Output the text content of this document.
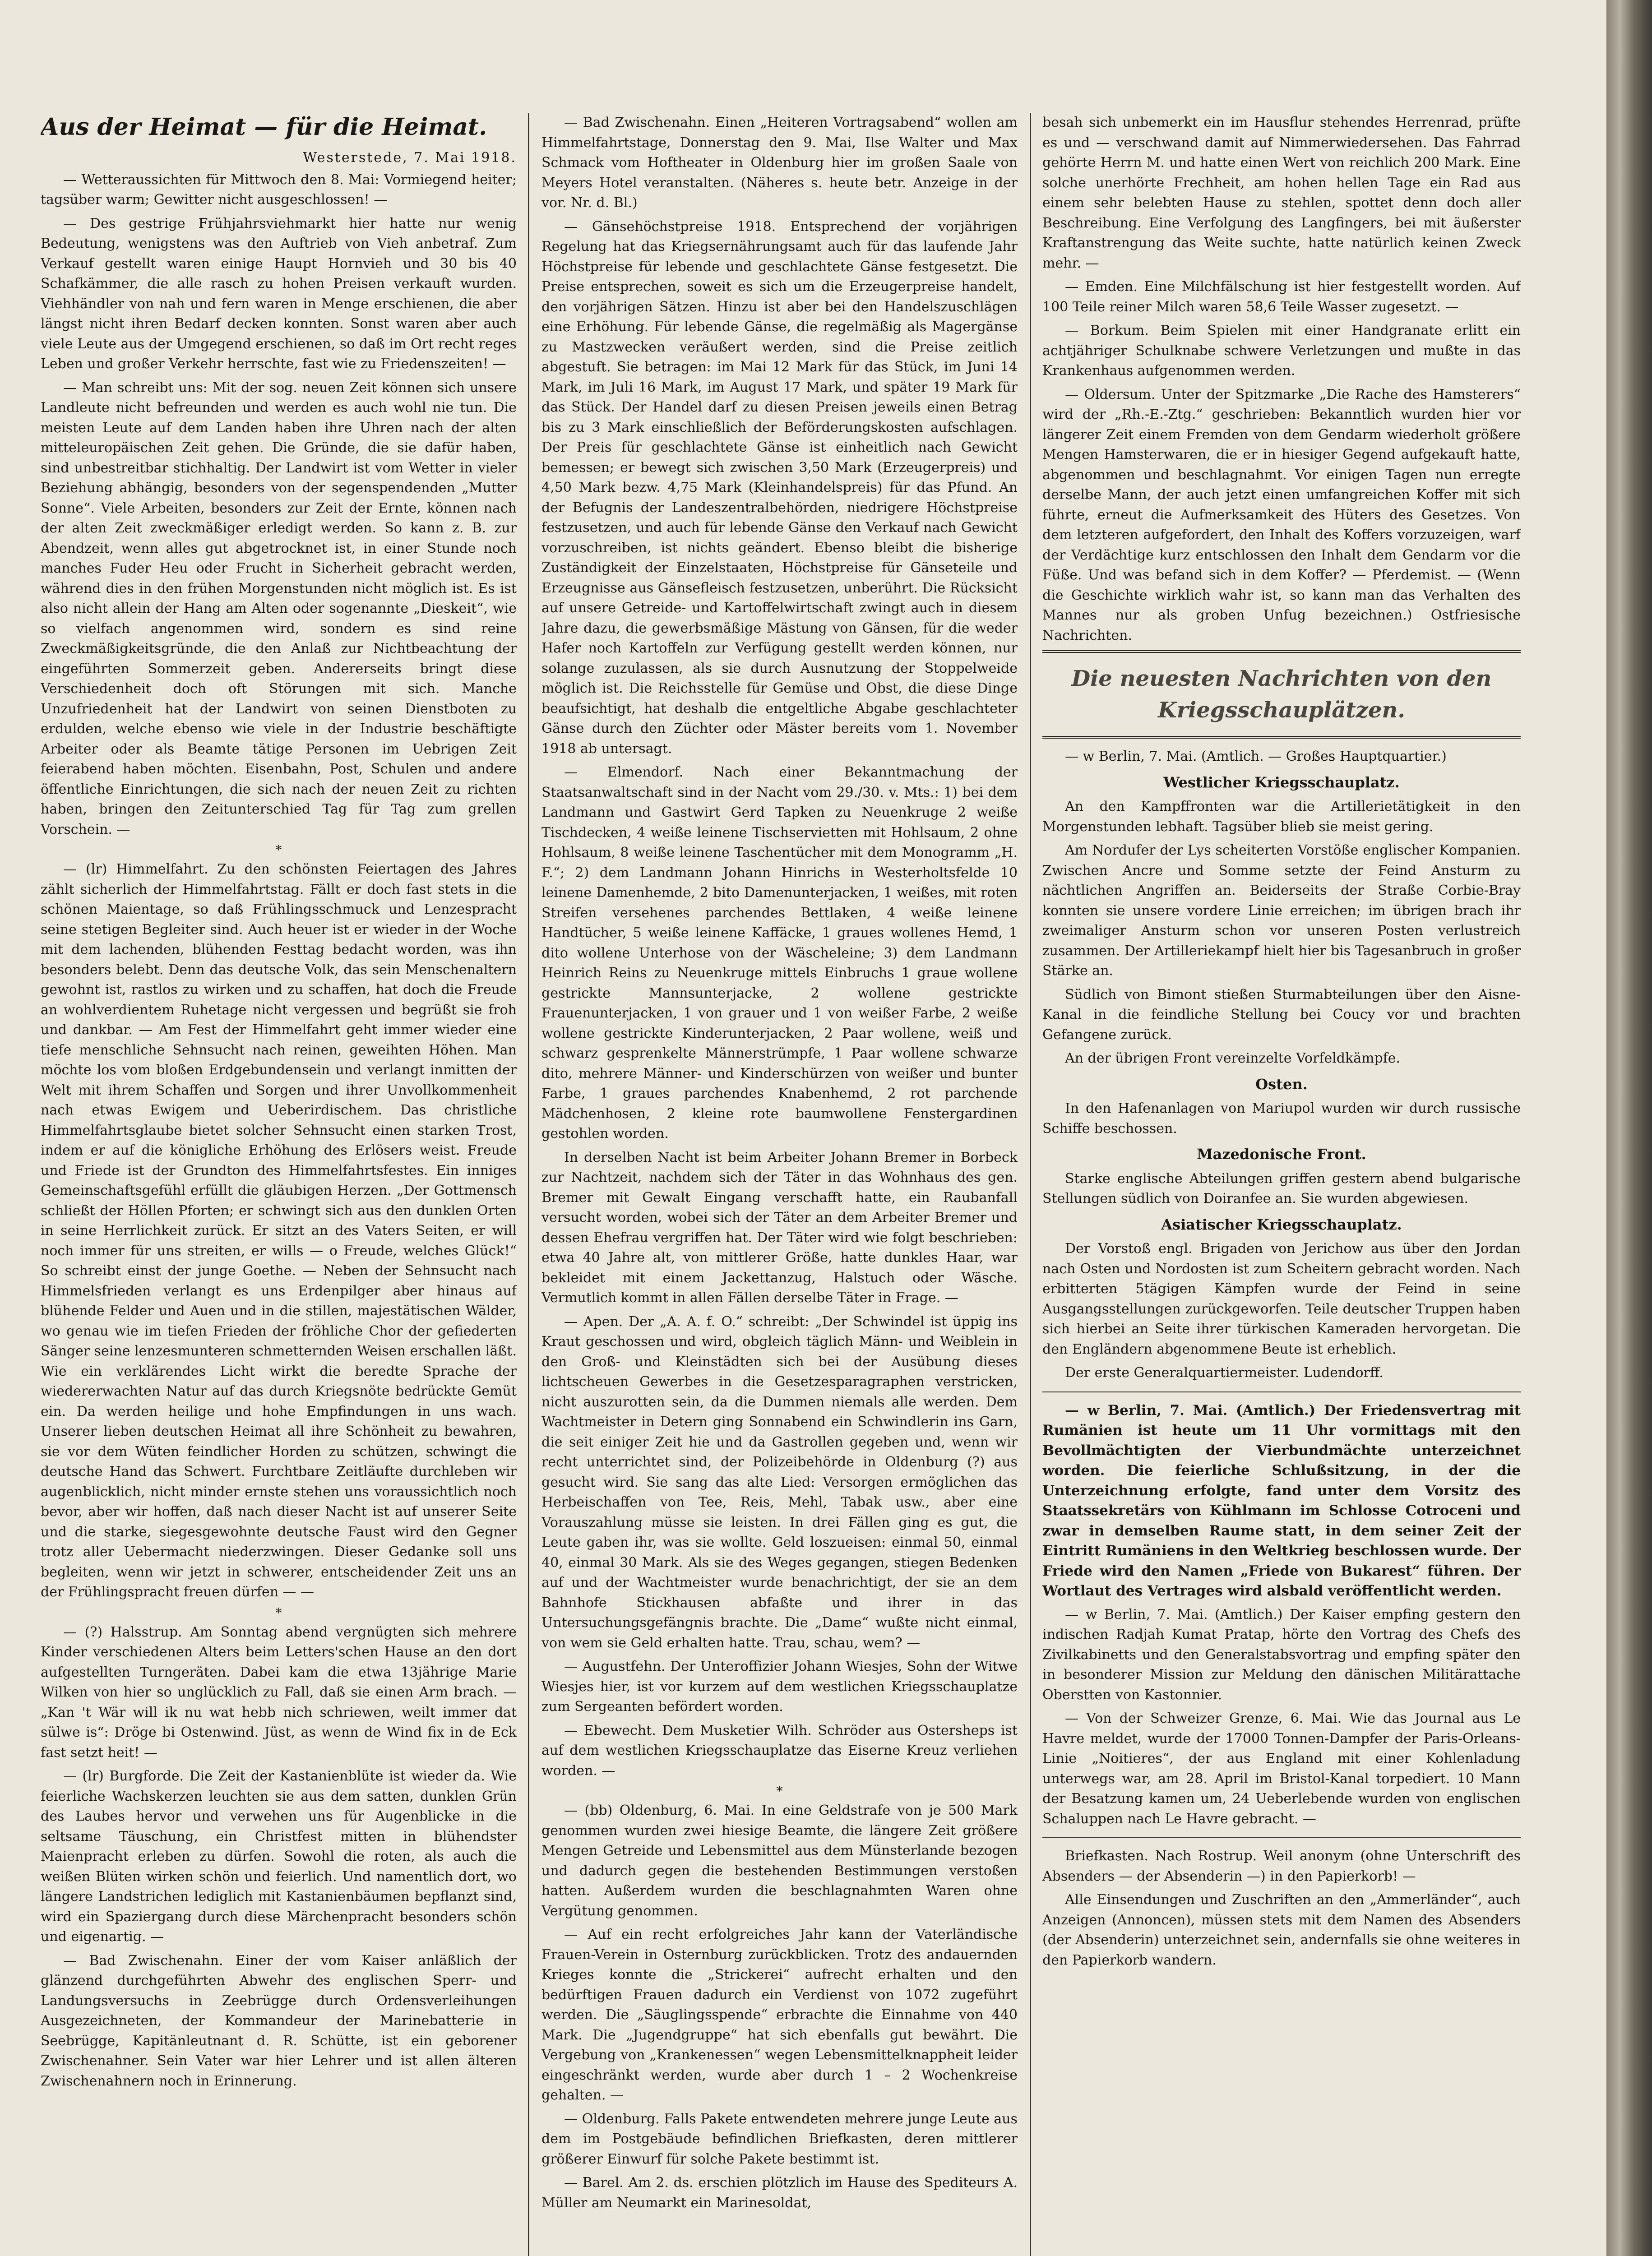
Aus der Heimat — für die Heimat.
Westerstede, 7. Mai 1918.

— Wetteraussichten für Mittwoch den 8. Mai: Vormiegend heiter; tagsüber warm; Gewitter nicht ausgeschlossen! —

— Des gestrige Frühjahrsviehmarkt hier hatte nur wenig Bedeutung, wenigstens was den Auftrieb von Vieh anbetraf. Zum Verkauf gestellt waren einige Haupt Hornvieh und 30 bis 40 Schafkämmer, die alle rasch zu hohen Preisen verkauft wurden. Viehhändler von nah und fern waren in Menge erschienen, die aber längst nicht ihren Bedarf decken konnten. Sonst waren aber auch viele Leute aus der Umgegend erschienen, so daß im Ort recht reges Leben und großer Verkehr herrschte, fast wie zu Friedenszeiten! —

— Man schreibt uns: Mit der sog. neuen Zeit können sich unsere Landleute nicht befreunden und werden es auch wohl nie tun. Die meisten Leute auf dem Landen haben ihre Uhren nach der alten mitteleuropäischen Zeit gehen. Die Gründe, die sie dafür haben, sind unbestreitbar stichhaltig. Der Landwirt ist vom Wetter in vieler Beziehung abhängig, besonders von der segenspendenden „Mutter Sonne“. Viele Arbeiten, besonders zur Zeit der Ernte, können nach der alten Zeit zweckmäßiger erledigt werden. So kann z. B. zur Abendzeit, wenn alles gut abgetrocknet ist, in einer Stunde noch manches Fuder Heu oder Frucht in Sicherheit gebracht werden, während dies in den frühen Morgenstunden nicht möglich ist. Es ist also nicht allein der Hang am Alten oder sogenannte „Dieskeit“, wie so vielfach angenommen wird, sondern es sind reine Zweckmäßigkeitsgründe, die den Anlaß zur Nichtbeachtung der eingeführten Sommerzeit geben. Andererseits bringt diese Verschiedenheit doch oft Störungen mit sich. Manche Unzufriedenheit hat der Landwirt von seinen Dienstboten zu erdulden, welche ebenso wie viele in der Industrie beschäftigte Arbeiter oder als Beamte tätige Personen im Uebrigen Zeit feierabend haben möchten. Eisenbahn, Post, Schulen und andere öffentliche Einrichtungen, die sich nach der neuen Zeit zu richten haben, bringen den Zeitunterschied Tag für Tag zum grellen Vorschein. —

*

— (lr) Himmelfahrt. Zu den schönsten Feiertagen des Jahres zählt sicherlich der Himmelfahrtstag. Fällt er doch fast stets in die schönen Maientage, so daß Frühlingsschmuck und Lenzespracht seine stetigen Begleiter sind. Auch heuer ist er wieder in der Woche mit dem lachenden, blühenden Festtag bedacht worden, was ihn besonders belebt. Denn das deutsche Volk, das sein Menschenaltern gewohnt ist, rastlos zu wirken und zu schaffen, hat doch die Freude an wohlverdientem Ruhetage nicht vergessen und begrüßt sie froh und dankbar. — Am Fest der Himmelfahrt geht immer wieder eine tiefe menschliche Sehnsucht nach reinen, geweihten Höhen. Man möchte los vom bloßen Erdgebundensein und verlangt inmitten der Welt mit ihrem Schaffen und Sorgen und ihrer Unvollkommenheit nach etwas Ewigem und Ueberirdischem. Das christliche Himmelfahrtsglaube bietet solcher Sehnsucht einen starken Trost, indem er auf die königliche Erhöhung des Erlösers weist. Freude und Friede ist der Grundton des Himmelfahrtsfestes. Ein inniges Gemeinschaftsgefühl erfüllt die gläubigen Herzen. „Der Gottmensch schließt der Höllen Pforten; er schwingt sich aus den dunklen Orten in seine Herrlichkeit zurück. Er sitzt an des Vaters Seiten, er will noch immer für uns streiten, er wills — o Freude, welches Glück!“ So schreibt einst der junge Goethe. — Neben der Sehnsucht nach Himmelsfrieden verlangt es uns Erdenpilger aber hinaus auf blühende Felder und Auen und in die stillen, majestätischen Wälder, wo genau wie im tiefen Frieden der fröhliche Chor der gefiederten Sänger seine lenzesmunteren schmetternden Weisen erschallen läßt. Wie ein verklärendes Licht wirkt die beredte Sprache der wiedererwachten Natur auf das durch Kriegsnöte bedrückte Gemüt ein. Da werden heilige und hohe Empfindungen in uns wach. Unserer lieben deutschen Heimat all ihre Schönheit zu bewahren, sie vor dem Wüten feindlicher Horden zu schützen, schwingt die deutsche Hand das Schwert. Furchtbare Zeitläufte durchleben wir augenblicklich, nicht minder ernste stehen uns voraussichtlich noch bevor, aber wir hoffen, daß nach dieser Nacht ist auf unserer Seite und die starke, siegesgewohnte deutsche Faust wird den Gegner trotz aller Uebermacht niederzwingen. Dieser Gedanke soll uns begleiten, wenn wir jetzt in schwerer, entscheidender Zeit uns an der Frühlingspracht freuen dürfen — —

*

— (?) Halsstrup. Am Sonntag abend vergnügten sich mehrere Kinder verschiedenen Alters beim Letters'schen Hause an den dort aufgestellten Turngeräten. Dabei kam die etwa 13jährige Marie Wilken von hier so unglücklich zu Fall, daß sie einen Arm brach. — „Kan 't Wär will ik nu wat hebb nich schriewen, weilt immer dat sülwe is“: Dröge bi Ostenwind. Jüst, as wenn de Wind fix in de Eck fast setzt heit! —

— (lr) Burgforde. Die Zeit der Kastanienblüte ist wieder da. Wie feierliche Wachskerzen leuchten sie aus dem satten, dunklen Grün des Laubes hervor und verwehen uns für Augenblicke in die seltsame Täuschung, ein Christfest mitten in blühendster Maienpracht erleben zu dürfen. Sowohl die roten, als auch die weißen Blüten wirken schön und feierlich. Und namentlich dort, wo längere Landstrichen lediglich mit Kastanienbäumen bepflanzt sind, wird ein Spaziergang durch diese Märchenpracht besonders schön und eigenartig. —

— Bad Zwischenahn. Einer der vom Kaiser anläßlich der glänzend durchgeführten Abwehr des englischen Sperr- und Landungsversuchs in Zeebrügge durch Ordensverleihungen Ausgezeichneten, der Kommandeur der Marinebatterie in Seebrügge, Kapitänleutnant d. R. Schütte, ist ein geborener Zwischenahner. Sein Vater war hier Lehrer und ist allen älteren Zwischenahnern noch in Erinnerung.

— Bad Zwischenahn. Einen „Heiteren Vortragsabend“ wollen am Himmelfahrtstage, Donnerstag den 9. Mai, Ilse Walter und Max Schmack vom Hoftheater in Oldenburg hier im großen Saale von Meyers Hotel veranstalten. (Näheres s. heute betr. Anzeige in der vor. Nr. d. Bl.)

— Gänsehöchstpreise 1918. Entsprechend der vorjährigen Regelung hat das Kriegsernährungsamt auch für das laufende Jahr Höchstpreise für lebende und geschlachtete Gänse festgesetzt. Die Preise entsprechen, soweit es sich um die Erzeugerpreise handelt, den vorjährigen Sätzen. Hinzu ist aber bei den Handelszuschlägen eine Erhöhung. Für lebende Gänse, die regelmäßig als Magergänse zu Mastzwecken veräußert werden, sind die Preise zeitlich abgestuft. Sie betragen: im Mai 12 Mark für das Stück, im Juni 14 Mark, im Juli 16 Mark, im August 17 Mark, und später 19 Mark für das Stück. Der Handel darf zu diesen Preisen jeweils einen Betrag bis zu 3 Mark einschließlich der Beförderungskosten aufschlagen. Der Preis für geschlachtete Gänse ist einheitlich nach Gewicht bemessen; er bewegt sich zwischen 3,50 Mark (Erzeugerpreis) und 4,50 Mark bezw. 4,75 Mark (Kleinhandelspreis) für das Pfund. An der Befugnis der Landeszentralbehörden, niedrigere Höchstpreise festzusetzen, und auch für lebende Gänse den Verkauf nach Gewicht vorzuschreiben, ist nichts geändert. Ebenso bleibt die bisherige Zuständigkeit der Einzelstaaten, Höchstpreise für Gänseteile und Erzeugnisse aus Gänsefleisch festzusetzen, unberührt. Die Rücksicht auf unsere Getreide- und Kartoffelwirtschaft zwingt auch in diesem Jahre dazu, die gewerbsmäßige Mästung von Gänsen, für die weder Hafer noch Kartoffeln zur Verfügung gestellt werden können, nur solange zuzulassen, als sie durch Ausnutzung der Stoppelweide möglich ist. Die Reichsstelle für Gemüse und Obst, die diese Dinge beaufsichtigt, hat deshalb die entgeltliche Abgabe geschlachteter Gänse durch den Züchter oder Mäster bereits vom 1. November 1918 ab untersagt.

— Elmendorf. Nach einer Bekanntmachung der Staatsanwaltschaft sind in der Nacht vom 29./30. v. Mts.: 1) bei dem Landmann und Gastwirt Gerd Tapken zu Neuenkruge 2 weiße Tischdecken, 4 weiße leinene Tischservietten mit Hohlsaum, 2 ohne Hohlsaum, 8 weiße leinene Taschentücher mit dem Monogramm „H. F.“; 2) dem Landmann Johann Hinrichs in Westerholtsfelde 10 leinene Damenhemde, 2 bito Damenunterjacken, 1 weißes, mit roten Streifen versehenes parchendes Bettlaken, 4 weiße leinene Handtücher, 5 weiße leinene Kaffäcke, 1 graues wollenes Hemd, 1 dito wollene Unterhose von der Wäscheleine; 3) dem Landmann Heinrich Reins zu Neuenkruge mittels Einbruchs 1 graue wollene gestrickte Mannsunterjacke, 2 wollene gestrickte Frauenunterjacken, 1 von grauer und 1 von weißer Farbe, 2 weiße wollene gestrickte Kinderunterjacken, 2 Paar wollene, weiß und schwarz gesprenkelte Männerstrümpfe, 1 Paar wollene schwarze dito, mehrere Männer- und Kinderschürzen von weißer und bunter Farbe, 1 graues parchendes Knabenhemd, 2 rot parchende Mädchenhosen, 2 kleine rote baumwollene Fenstergardinen gestohlen worden.

In derselben Nacht ist beim Arbeiter Johann Bremer in Borbeck zur Nachtzeit, nachdem sich der Täter in das Wohnhaus des gen. Bremer mit Gewalt Eingang verschafft hatte, ein Raubanfall versucht worden, wobei sich der Täter an dem Arbeiter Bremer und dessen Ehefrau vergriffen hat. Der Täter wird wie folgt beschrieben: etwa 40 Jahre alt, von mittlerer Größe, hatte dunkles Haar, war bekleidet mit einem Jackettanzug, Halstuch oder Wäsche. Vermutlich kommt in allen Fällen derselbe Täter in Frage. —

— Apen. Der „A. A. f. O.“ schreibt: „Der Schwindel ist üppig ins Kraut geschossen und wird, obgleich täglich Männ- und Weiblein in den Groß- und Kleinstädten sich bei der Ausübung dieses lichtscheuen Gewerbes in die Gesetzesparagraphen verstricken, nicht auszurotten sein, da die Dummen niemals alle werden. Dem Wachtmeister in Detern ging Sonnabend ein Schwindlerin ins Garn, die seit einiger Zeit hie und da Gastrollen gegeben und, wenn wir recht unterrichtet sind, der Polizeibehörde in Oldenburg (?) aus gesucht wird. Sie sang das alte Lied: Versorgen ermöglichen das Herbeischaffen von Tee, Reis, Mehl, Tabak usw., aber eine Vorauszahlung müsse sie leisten. In drei Fällen ging es gut, die Leute gaben ihr, was sie wollte. Geld loszueisen: einmal 50, einmal 40, einmal 30 Mark. Als sie des Weges gegangen, stiegen Bedenken auf und der Wachtmeister wurde benachrichtigt, der sie an dem Bahnhofe Stickhausen abfaßte und ihrer in das Untersuchungsgefängnis brachte. Die „Dame“ wußte nicht einmal, von wem sie Geld erhalten hatte. Trau, schau, wem? —

— Augustfehn. Der Unteroffizier Johann Wiesjes, Sohn der Witwe Wiesjes hier, ist vor kurzem auf dem westlichen Kriegsschauplatze zum Sergeanten befördert worden.

— Ebewecht. Dem Musketier Wilh. Schröder aus Ostersheps ist auf dem westlichen Kriegsschauplatze das Eiserne Kreuz verliehen worden. —

*

— (bb) Oldenburg, 6. Mai. In eine Geldstrafe von je 500 Mark genommen wurden zwei hiesige Beamte, die längere Zeit größere Mengen Getreide und Lebensmittel aus dem Münsterlande bezogen und dadurch gegen die bestehenden Bestimmungen verstoßen hatten. Außerdem wurden die beschlagnahmten Waren ohne Vergütung genommen.

— Auf ein recht erfolgreiches Jahr kann der Vaterländische Frauen-Verein in Osternburg zurückblicken. Trotz des andauernden Krieges konnte die „Strickerei“ aufrecht erhalten und den bedürftigen Frauen dadurch ein Verdienst von 1072 zugeführt werden. Die „Säuglingsspende“ erbrachte die Einnahme von 440 Mark. Die „Jugendgruppe“ hat sich ebenfalls gut bewährt. Die Vergebung von „Krankenessen“ wegen Lebensmittelknappheit leider eingeschränkt werden, wurde aber durch 1 – 2 Wochenkreise gehalten. —

— Oldenburg. Falls Pakete entwendeten mehrere junge Leute aus dem im Postgebäude befindlichen Briefkasten, deren mittlerer größerer Einwurf für solche Pakete bestimmt ist.

— Barel. Am 2. ds. erschien plötzlich im Hause des Spediteurs A. Müller am Neumarkt ein Marinesoldat,

besah sich unbemerkt ein im Hausflur stehendes Herrenrad, prüfte es und — verschwand damit auf Nimmerwiedersehen. Das Fahrrad gehörte Herrn M. und hatte einen Wert von reichlich 200 Mark. Eine solche unerhörte Frechheit, am hohen hellen Tage ein Rad aus einem sehr belebten Hause zu stehlen, spottet denn doch aller Beschreibung. Eine Verfolgung des Langfingers, bei mit äußerster Kraftanstrengung das Weite suchte, hatte natürlich keinen Zweck mehr. —

— Emden. Eine Milchfälschung ist hier festgestellt worden. Auf 100 Teile reiner Milch waren 58,6 Teile Wasser zugesetzt. —

— Borkum. Beim Spielen mit einer Handgranate erlitt ein achtjähriger Schulknabe schwere Verletzungen und mußte in das Krankenhaus aufgenommen werden.

— Oldersum. Unter der Spitzmarke „Die Rache des Hamsterers“ wird der „Rh.-E.-Ztg.“ geschrieben: Bekanntlich wurden hier vor längerer Zeit einem Fremden von dem Gendarm wiederholt größere Mengen Hamsterwaren, die er in hiesiger Gegend aufgekauft hatte, abgenommen und beschlagnahmt. Vor einigen Tagen nun erregte derselbe Mann, der auch jetzt einen umfangreichen Koffer mit sich führte, erneut die Aufmerksamkeit des Hüters des Gesetzes. Von dem letzteren aufgefordert, den Inhalt des Koffers vorzuzeigen, warf der Verdächtige kurz entschlossen den Inhalt dem Gendarm vor die Füße. Und was befand sich in dem Koffer? — Pferdemist. — (Wenn die Geschichte wirklich wahr ist, so kann man das Verhalten des Mannes nur als groben Unfug bezeichnen.) Ostfriesische Nachrichten.

Die neuesten Nachrichten von den Kriegsschauplätzen.

— w Berlin, 7. Mai. (Amtlich. — Großes Hauptquartier.)

Westlicher Kriegsschauplatz.

An den Kampffronten war die Artillerietätigkeit in den Morgenstunden lebhaft. Tagsüber blieb sie meist gering.

Am Nordufer der Lys scheiterten Vorstöße englischer Kompanien. Zwischen Ancre und Somme setzte der Feind Ansturm zu nächtlichen Angriffen an. Beiderseits der Straße Corbie-Bray konnten sie unsere vordere Linie erreichen; im übrigen brach ihr zweimaliger Ansturm schon vor unseren Posten verlustreich zusammen. Der Artilleriekampf hielt hier bis Tagesanbruch in großer Stärke an.

Südlich von Bimont stießen Sturmabteilungen über den Aisne-Kanal in die feindliche Stellung bei Coucy vor und brachten Gefangene zurück.

An der übrigen Front vereinzelte Vorfeldkämpfe.

Osten.

In den Hafenanlagen von Mariupol wurden wir durch russische Schiffe beschossen.

Mazedonische Front.

Starke englische Abteilungen griffen gestern abend bulgarische Stellungen südlich von Doiranfee an. Sie wurden abgewiesen.

Asiatischer Kriegsschauplatz.

Der Vorstoß engl. Brigaden von Jerichow aus über den Jordan nach Osten und Nordosten ist zum Scheitern gebracht worden. Nach erbitterten 5tägigen Kämpfen wurde der Feind in seine Ausgangsstellungen zurückgeworfen. Teile deutscher Truppen haben sich hierbei an Seite ihrer türkischen Kameraden hervorgetan. Die den Engländern abgenommene Beute ist erheblich.

Der erste Generalquartiermeister. Ludendorff.

— w Berlin, 7. Mai. (Amtlich.) Der Friedensvertrag mit Rumänien ist heute um 11 Uhr vormittags mit den Bevollmächtigten der Vierbundmächte unterzeichnet worden. Die feierliche Schlußsitzung, in der die Unterzeichnung erfolgte, fand unter dem Vorsitz des Staatssekretärs von Kühlmann im Schlosse Cotroceni und zwar in demselben Raume statt, in dem seiner Zeit der Eintritt Rumäniens in den Weltkrieg beschlossen wurde. Der Friede wird den Namen „Friede von Bukarest“ führen. Der Wortlaut des Vertrages wird alsbald veröffentlicht werden.

— w Berlin, 7. Mai. (Amtlich.) Der Kaiser empfing gestern den indischen Radjah Kumat Pratap, hörte den Vortrag des Chefs des Zivilkabinetts und den Generalstabsvortrag und empfing später den in besonderer Mission zur Meldung den dänischen Militärattache Oberstten von Kastonnier.

— Von der Schweizer Grenze, 6. Mai. Wie das Journal aus Le Havre meldet, wurde der 17000 Tonnen-Dampfer der Paris-Orleans-Linie „Noitieres“, der aus England mit einer Kohlenladung unterwegs war, am 28. April im Bristol-Kanal torpediert. 10 Mann der Besatzung kamen um, 24 Ueberlebende wurden von englischen Schaluppen nach Le Havre gebracht. —

Briefkasten. Nach Rostrup. Weil anonym (ohne Unterschrift des Absenders — der Absenderin —) in den Papierkorb! —

Alle Einsendungen und Zuschriften an den „Ammerländer“, auch Anzeigen (Annoncen), müssen stets mit dem Namen des Absenders (der Absenderin) unterzeichnet sein, andernfalls sie ohne weiteres in den Papierkorb wandern.
